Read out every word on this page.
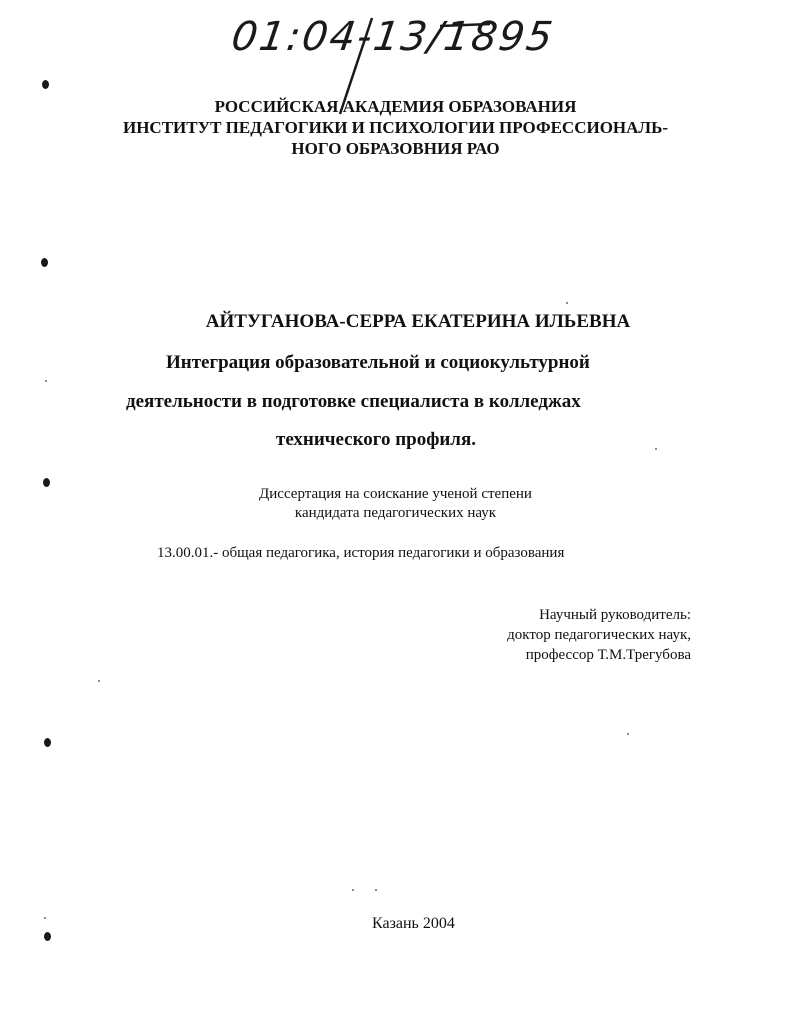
01:04-13/1895
РОССИЙСКАЯ АКАДЕМИЯ ОБРАЗОВАНИЯ
ИНСТИТУТ ПЕДАГОГИКИ И ПСИХОЛОГИИ ПРОФЕССИОНАЛЬ-
НОГО ОБРАЗОВНИЯ РАО
АЙТУГАНОВА-СЕРРА ЕКАТЕРИНА ИЛЬЕВНА
Интеграция образовательной и социокультурной
деятельности в подготовке специалиста в колледжах
технического профиля.
Диссертация на соискание ученой степени
кандидата педагогических наук
13.00.01.- общая педагогика, история педагогики и образования
Научный руководитель:
доктор педагогических наук,
профессор Т.М.Трегубова
Казань 2004
